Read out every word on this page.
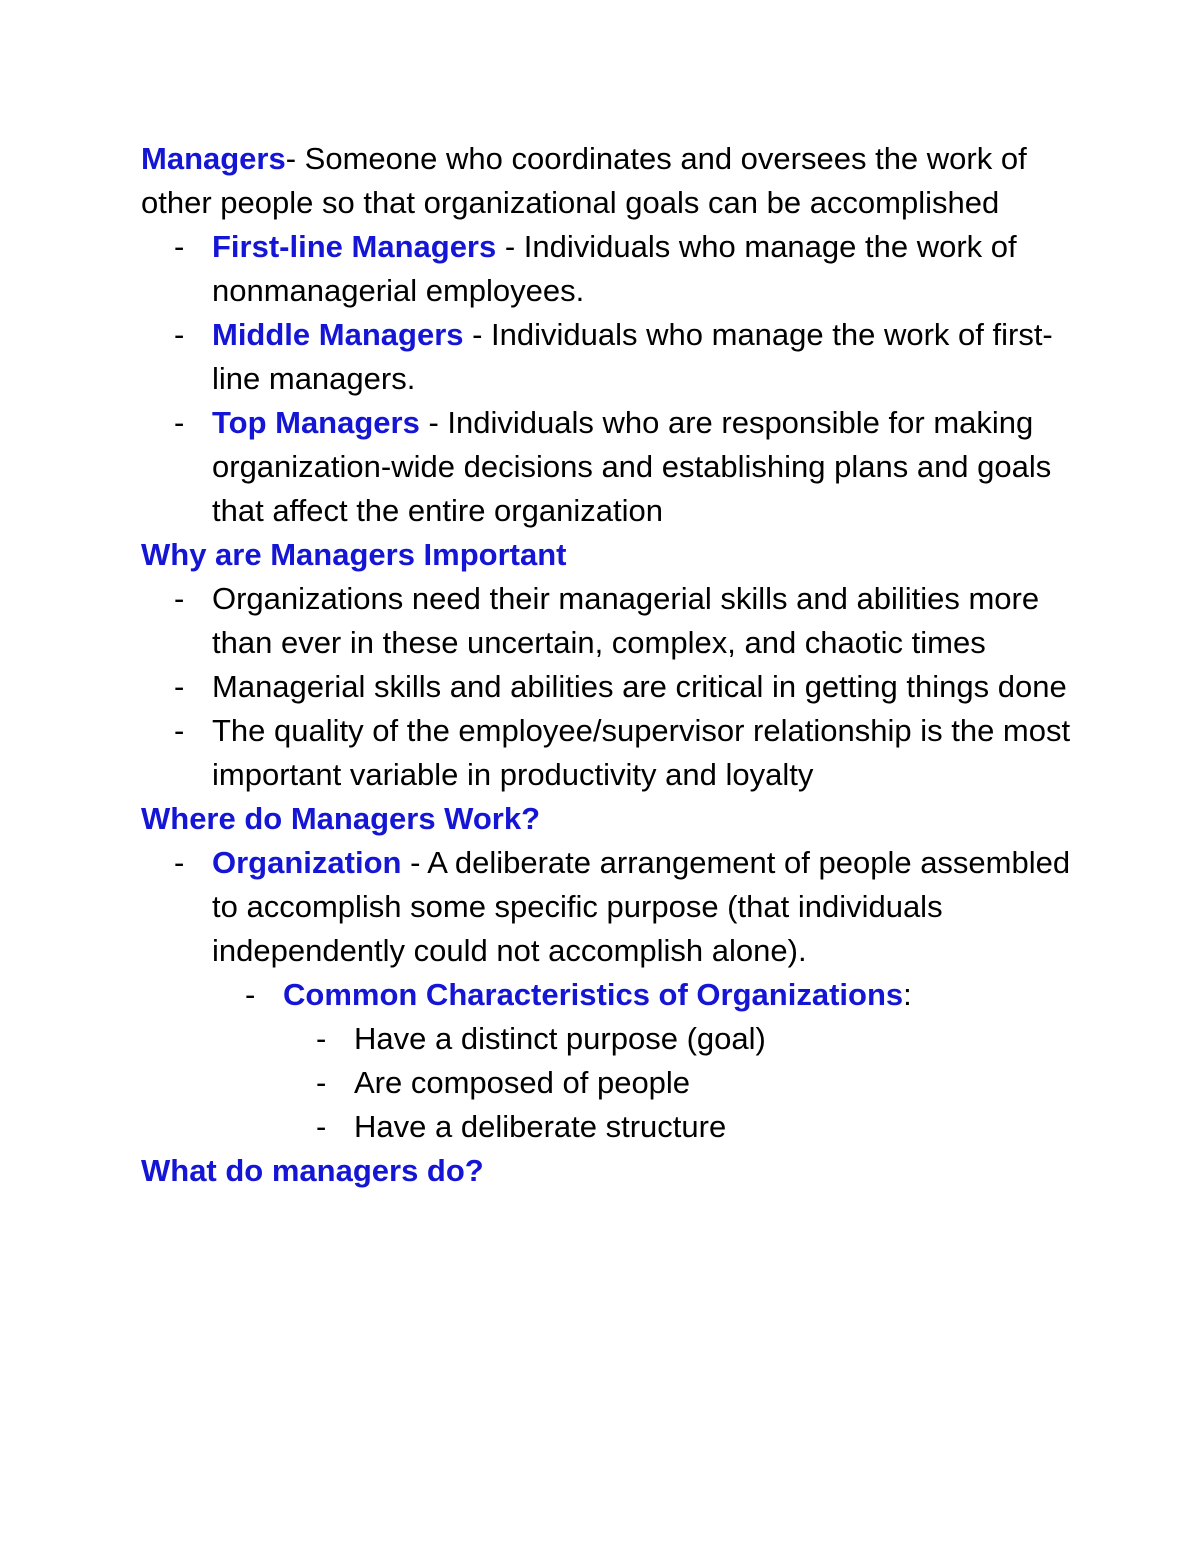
Managers- Someone who coordinates and oversees the work of other people so that organizational goals can be accomplished

- First-line Managers - Individuals who manage the work of nonmanagerial employees.
- Middle Managers - Individuals who manage the work of first-line managers.
- Top Managers - Individuals who are responsible for making organization-wide decisions and establishing plans and goals that affect the entire organization

Why are Managers Important

- Organizations need their managerial skills and abilities more than ever in these uncertain, complex, and chaotic times
- Managerial skills and abilities are critical in getting things done
- The quality of the employee/supervisor relationship is the most important variable in productivity and loyalty

Where do Managers Work?

- Organization - A deliberate arrangement of people assembled to accomplish some specific purpose (that individuals independently could not accomplish alone).
- Common Characteristics of Organizations:
- Have a distinct purpose (goal)
- Are composed of people
- Have a deliberate structure

What do managers do?
